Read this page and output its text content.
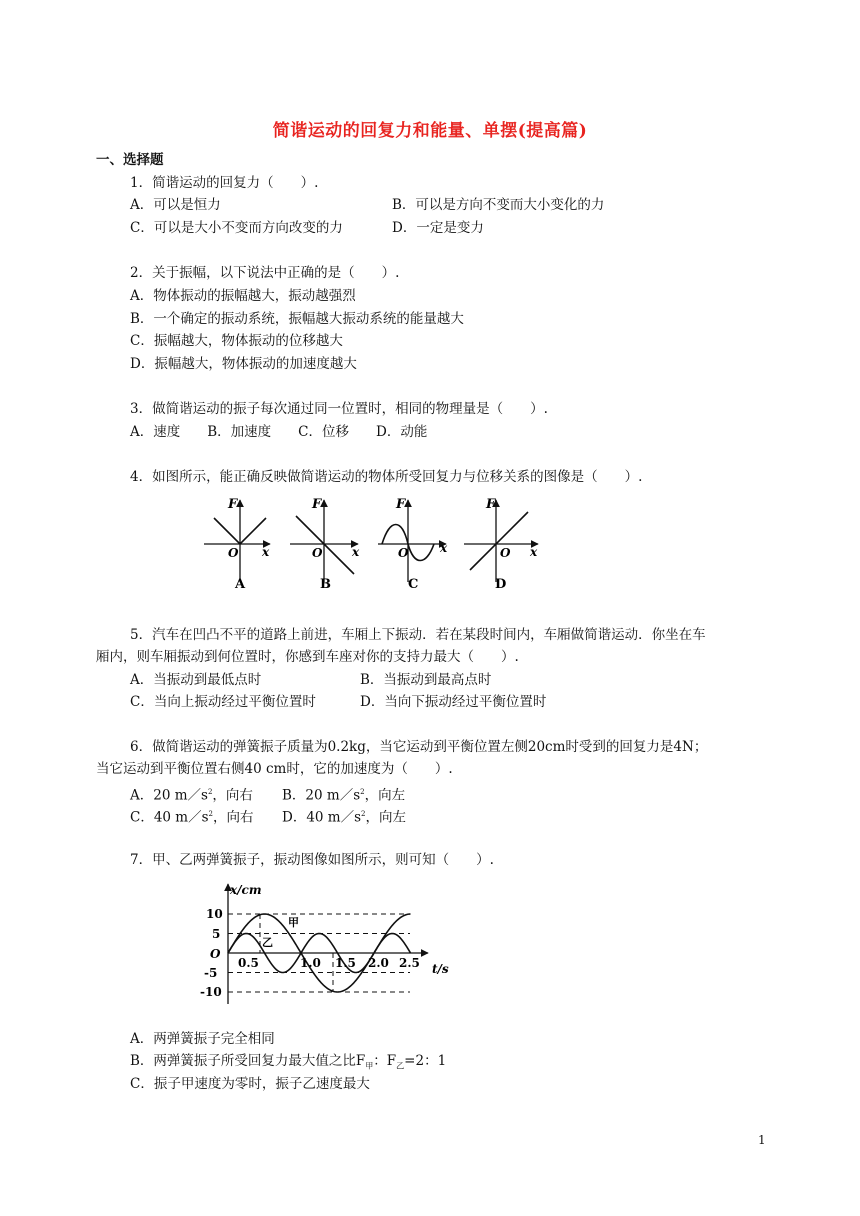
简谐运动的回复力和能量、单摆(提高篇)
一、选择题
1．简谐运动的回复力（　　）.
A．可以是恒力	B．可以是方向不变而大小变化的力
C．可以是大小不变而方向改变的力	D．一定是变力
2．关于振幅，以下说法中正确的是（　　）.
A．物体振动的振幅越大，振动越强烈
B．一个确定的振动系统，振幅越大振动系统的能量越大
C．振幅越大，物体振动的位移越大
D．振幅越大，物体振动的加速度越大
3．做简谐运动的振子每次通过同一位置时，相同的物理量是（　　）.
A．速度　　B．加速度　　C．位移　　D．动能
4．如图所示，能正确反映做简谐运动的物体所受回复力与位移关系的图像是（　　）.
F
O x
A
F
O x
B
F
O	x
C
F
O x
D
5．汽车在凹凸不平的道路上前进，车厢上下振动．若在某段时间内，车厢做简谐运动．你坐在车
厢内，则车厢振动到何位置时，你感到车座对你的支持力最大（　　）.
A．当振动到最低点时	B．当振动到最高点时
C．当向上振动经过平衡位置时	D．当向下振动经过平衡位置时
6．做简谐运动的弹簧振子质量为0.2kg，当它运动到平衡位置左侧20cm时受到的回复力是4N；
当它运动到平衡位置右侧40 cm时，它的加速度为（　　）.
A．20 $m/s^2$，向右 B．20 $m/s^2$，向左
C．40 $m/s^2$，向右 D．40 $m/s^2$，向左
7．甲、乙两弹簧振子，振动图像如图所示，则可知（　　）.
x/cm
t/s
10
5
O
-5
-10
0.5	1.0 1.5 2.0 2.5
甲
乙
A．两弹簧振子完全相同
B．两弹簧振子所受回复力最大值之比$F_甲$：$F_乙=2$：1
C．振子甲速度为零时，振子乙速度最大
1
